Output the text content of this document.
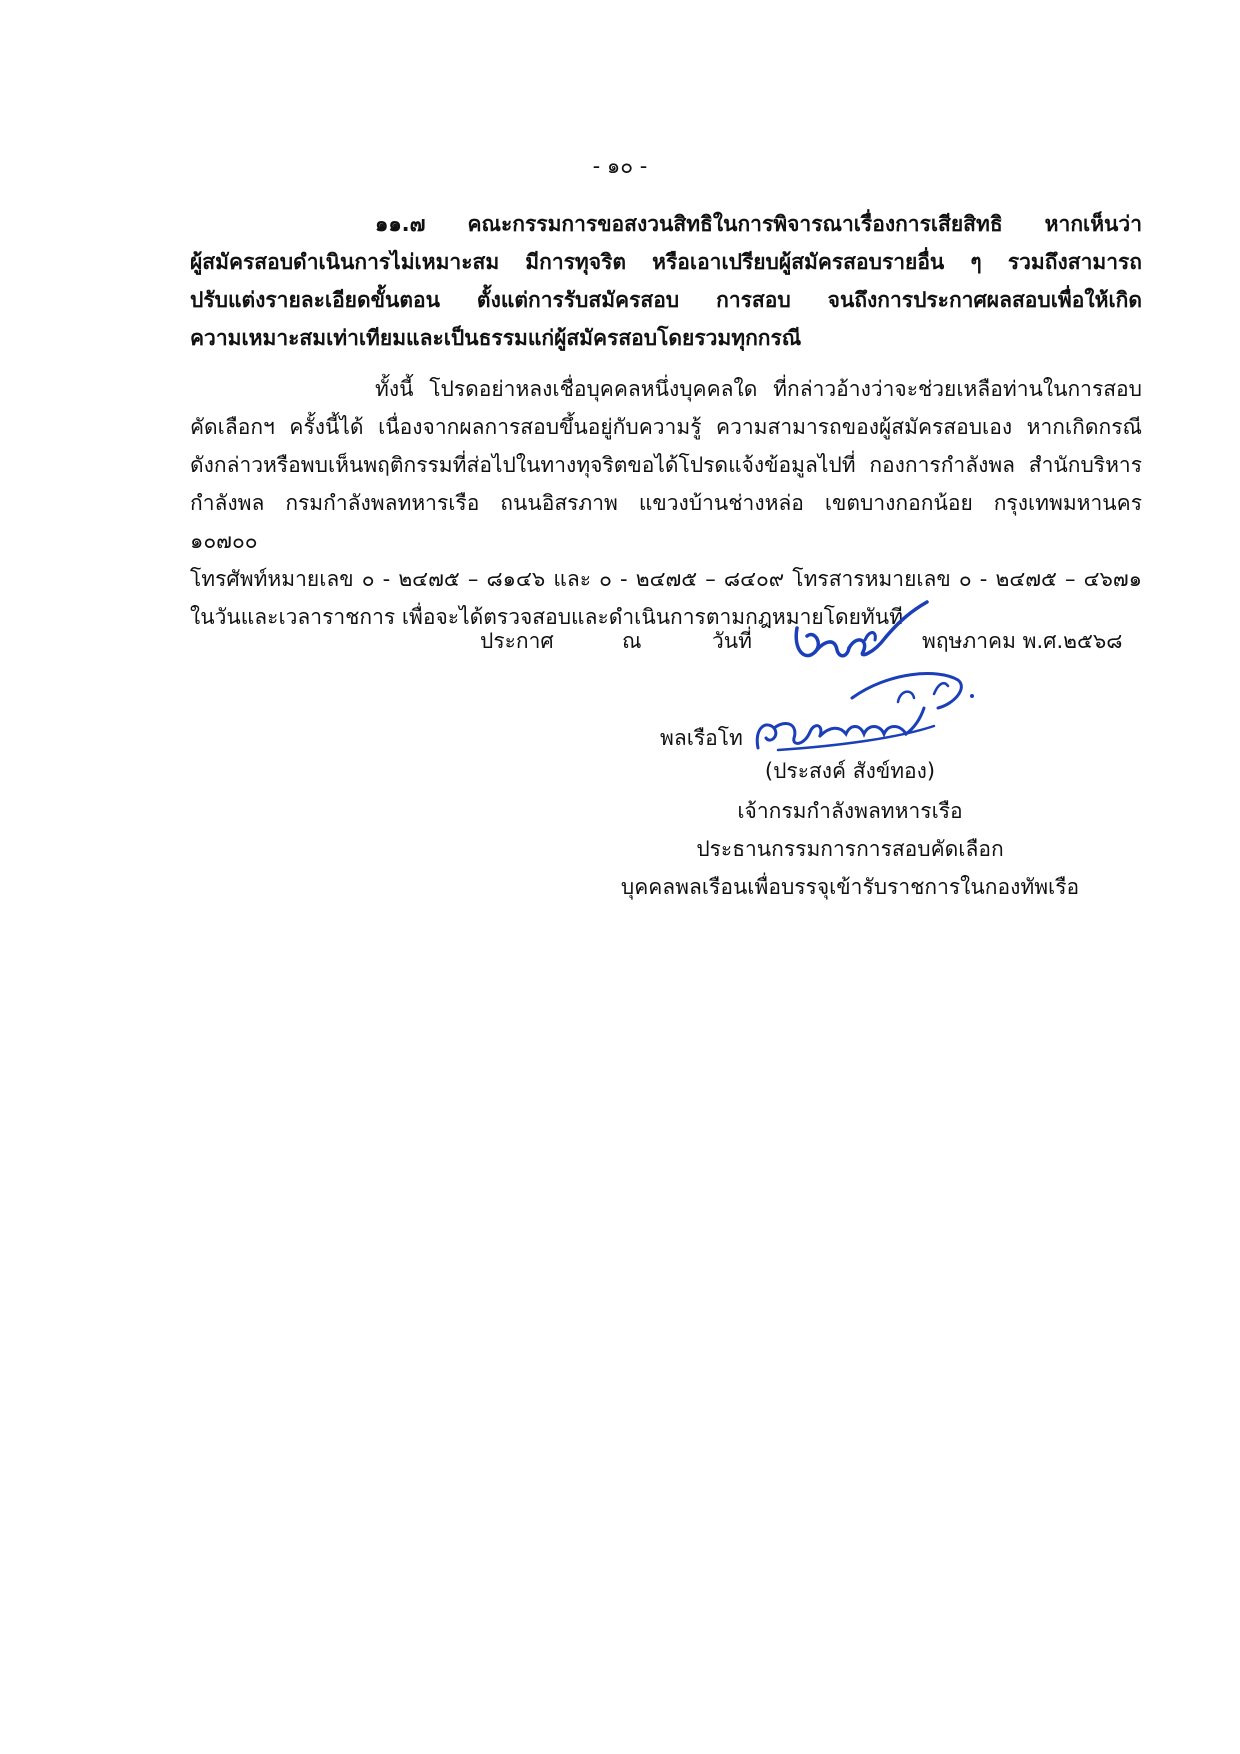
- ๑๐ -
๑๑.๗ คณะกรรมการขอสงวนสิทธิในการพิจารณาเรื่องการเสียสิทธิ หากเห็นว่า
ผู้สมัครสอบดำเนินการไม่เหมาะสม มีการทุจริต หรือเอาเปรียบผู้สมัครสอบรายอื่น ๆ รวมถึงสามารถ
ปรับแต่งรายละเอียดขั้นตอน ตั้งแต่การรับสมัครสอบ การสอบ จนถึงการประกาศผลสอบเพื่อให้เกิด
ความเหมาะสมเท่าเทียมและเป็นธรรมแก่ผู้สมัครสอบโดยรวมทุกกรณี
ทั้งนี้ โปรดอย่าหลงเชื่อบุคคลหนึ่งบุคคลใด ที่กล่าวอ้างว่าจะช่วยเหลือท่านในการสอบ
คัดเลือกฯ ครั้งนี้ได้ เนื่องจากผลการสอบขึ้นอยู่กับความรู้ ความสามารถของผู้สมัครสอบเอง หากเกิดกรณี
ดังกล่าวหรือพบเห็นพฤติกรรมที่ส่อไปในทางทุจริตขอได้โปรดแจ้งข้อมูลไปที่ กองการกำลังพล สำนักบริหาร
กำลังพล กรมกำลังพลทหารเรือ ถนนอิสรภาพ แขวงบ้านช่างหล่อ เขตบางกอกน้อย กรุงเทพมหานคร ๑๐๗๐๐
โทรศัพท์หมายเลข ๐ - ๒๔๗๕ – ๘๑๔๖ และ ๐ - ๒๔๗๕ – ๘๔๐๙ โทรสารหมายเลข ๐ - ๒๔๗๕ – ๔๖๗๑
ในวันและเวลาราชการ เพื่อจะได้ตรวจสอบและดำเนินการตามกฎหมายโดยทันที
ประกาศ	ณ	วันที่	พฤษภาคม พ.ศ.๒๕๖๘
พลเรือโท
(ประสงค์ สังข์ทอง)
เจ้ากรมกำลังพลทหารเรือ
ประธานกรรมการการสอบคัดเลือก
บุคคลพลเรือนเพื่อบรรจุเข้ารับราชการในกองทัพเรือ
